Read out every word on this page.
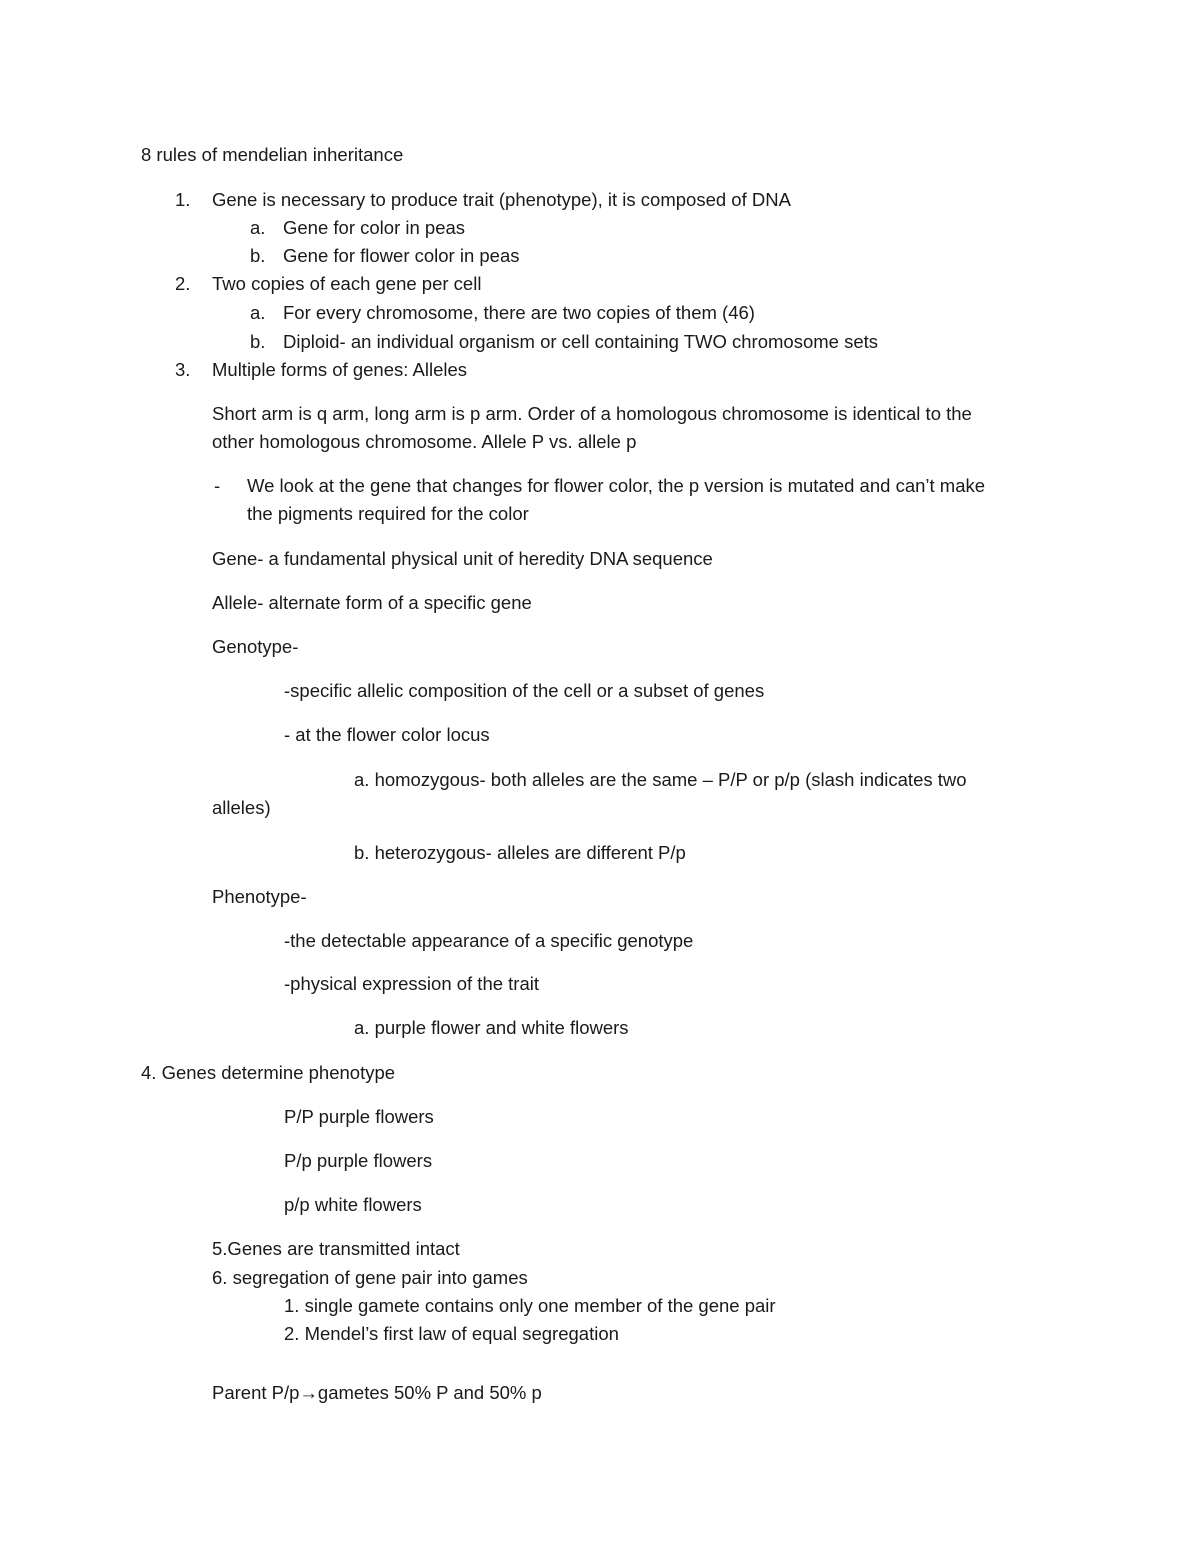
8 rules of mendelian inheritance
1. Gene is necessary to produce trait (phenotype), it is composed of DNA
a. Gene for color in peas
b. Gene for flower color in peas
2. Two copies of each gene per cell
a. For every chromosome, there are two copies of them (46)
b. Diploid- an individual organism or cell containing TWO chromosome sets
3. Multiple forms of genes: Alleles
Short arm is q arm, long arm is p arm. Order of a homologous chromosome is identical to the
other homologous chromosome. Allele P vs. allele p
- We look at the gene that changes for flower color, the p version is mutated and can’t make
the pigments required for the color
Gene- a fundamental physical unit of heredity DNA sequence
Allele- alternate form of a specific gene
Genotype-
-specific allelic composition of the cell or a subset of genes
- at the flower color locus
a. homozygous- both alleles are the same – P/P or p/p (slash indicates two
alleles)
b. heterozygous- alleles are different P/p
Phenotype-
-the detectable appearance of a specific genotype
-physical expression of the trait
a. purple flower and white flowers
4. Genes determine phenotype
P/P purple flowers
P/p purple flowers
p/p white flowers
5.Genes are transmitted intact
6. segregation of gene pair into games
1. single gamete contains only one member of the gene pair
2. Mendel’s first law of equal segregation
Parent P/p→gametes 50% P and 50% p
